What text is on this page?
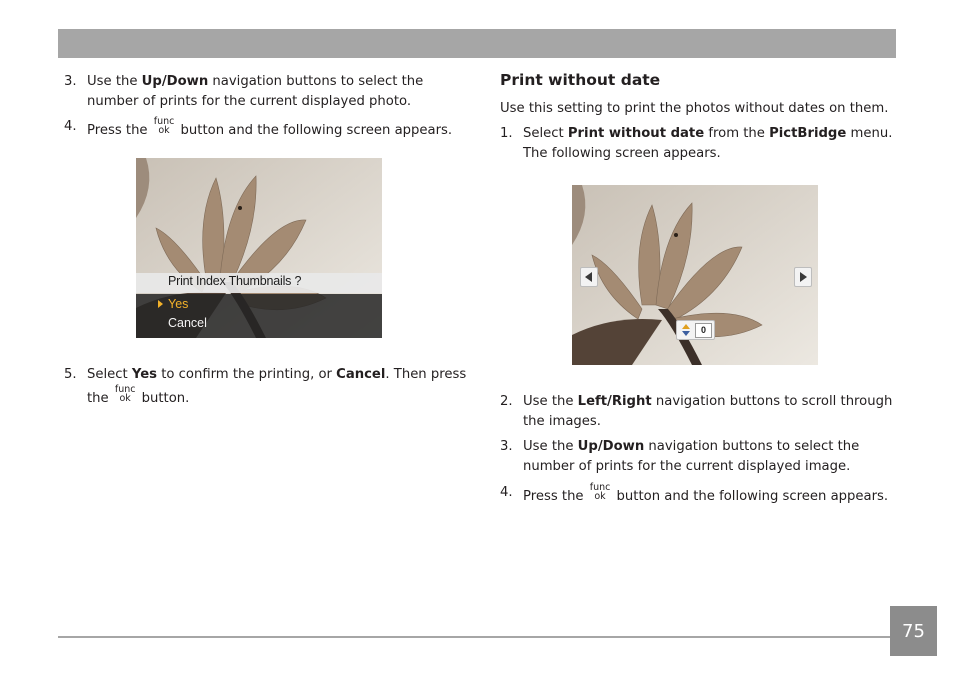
3. Use the Up/Down navigation buttons to select the
number of prints for the current displayed photo.
4. Press the
func
ok button and the following screen appears.
Print Index Thumbnails ?
Yes
Cancel
5. Select Yes to confirm the printing, or Cancel. Then press
the
func
ok button.
Print without date
Use this setting to print the photos without dates on them.
1. Select Print without date from the PictBridge menu.
The following screen appears.
0
2. Use the Left/Right navigation buttons to scroll through
the images.
3. Use the Up/Down navigation buttons to select the
number of prints for the current displayed image.
4. Press the
func
ok button and the following screen appears.
75
